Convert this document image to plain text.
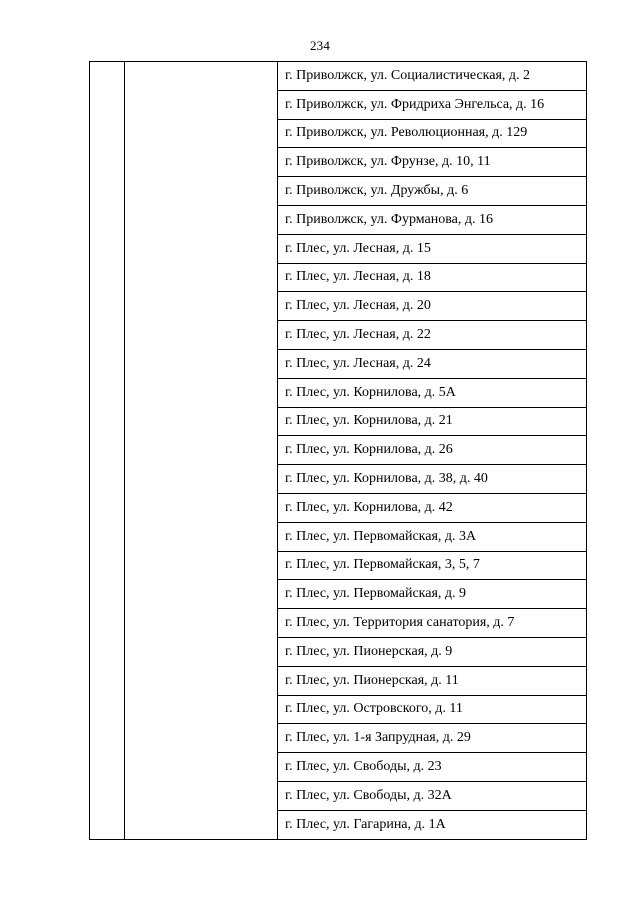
234
		г. Приволжск, ул. Социалистическая, д. 2
г. Приволжск, ул. Фридриха Энгельса, д. 16
г. Приволжск, ул. Революционная, д. 129
г. Приволжск, ул. Фрунзе, д. 10, 11
г. Приволжск, ул. Дружбы, д. 6
г. Приволжск, ул. Фурманова, д. 16
г. Плес, ул. Лесная, д. 15
г. Плес, ул. Лесная, д. 18
г. Плес, ул. Лесная, д. 20
г. Плес, ул. Лесная, д. 22
г. Плес, ул. Лесная, д. 24
г. Плес, ул. Корнилова, д. 5А
г. Плес, ул. Корнилова, д. 21
г. Плес, ул. Корнилова, д. 26
г. Плес, ул. Корнилова, д. 38, д. 40
г. Плес, ул. Корнилова, д. 42
г. Плес, ул. Первомайская, д. 3А
г. Плес, ул. Первомайская, 3, 5, 7
г. Плес, ул. Первомайская, д. 9
г. Плес, ул. Территория санатория, д. 7
г. Плес, ул. Пионерская, д. 9
г. Плес, ул. Пионерская, д. 11
г. Плес, ул. Островского, д. 11
г. Плес, ул. 1-я Запрудная, д. 29
г. Плес, ул. Свободы, д. 23
г. Плес, ул. Свободы, д. 32А
г. Плес, ул. Гагарина, д. 1А
